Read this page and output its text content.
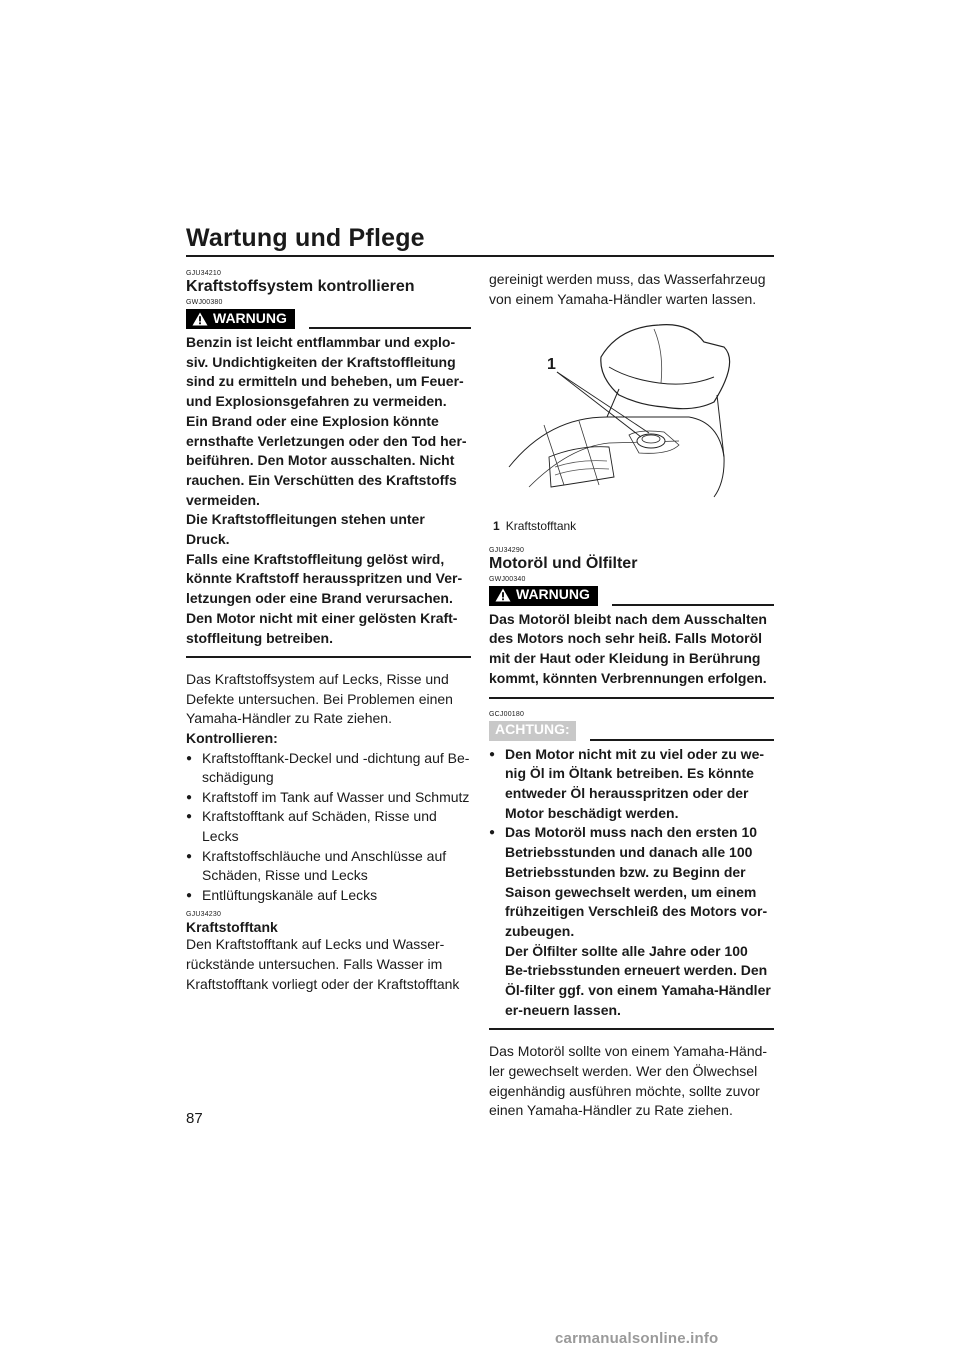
Wartung und Pflege
GJU34210
Kraftstoffsystem kontrollieren
GWJ00380
WARNUNG

Benzin ist leicht entflammbar und explo-siv. Undichtigkeiten der Kraftstoffleitung sind zu ermitteln und beheben, um Feuer- und Explosionsgefahren zu vermeiden. Ein Brand oder eine Explosion könnte ernsthafte Verletzungen oder den Tod her-beiführen. Den Motor ausschalten. Nicht rauchen. Ein Verschütten des Kraftstoffs vermeiden.

Die Kraftstoffleitungen stehen unter Druck.

Falls eine Kraftstoffleitung gelöst wird, könnte Kraftstoff herausspritzen und Ver-letzungen oder eine Brand verursachen. Den Motor nicht mit einer gelösten Kraft-stoffleitung betreiben.

Das Kraftstoffsystem auf Lecks, Risse und Defekte untersuchen. Bei Problemen einen Yamaha-Händler zu Rate ziehen.

Kontrollieren:

● Kraftstofftank-Deckel und -dichtung auf Be-schädigung
● Kraftstoff im Tank auf Wasser und Schmutz
● Kraftstofftank auf Schäden, Risse und Lecks
● Kraftstoffschläuche und Anschlüsse auf Schäden, Risse und Lecks
● Entlüftungskanäle auf Lecks
GJU34230
Kraftstofftank

Den Kraftstofftank auf Lecks und Wasser-rückstände untersuchen. Falls Wasser im Kraftstofftank vorliegt oder der Kraftstofftank

gereinigt werden muss, das Wasserfahrzeug von einem Yamaha-Händler warten lassen.

1

1 Kraftstofftank

GJU34290
Motoröl und Ölfilter
GWJ00340
WARNUNG

Das Motoröl bleibt nach dem Ausschalten des Motors noch sehr heiß. Falls Motoröl mit der Haut oder Kleidung in Berührung kommt, könnten Verbrennungen erfolgen.

GCJ00180
ACHTUNG:
● Den Motor nicht mit zu viel oder zu we-nig Öl im Öltank betreiben. Es könnte entweder Öl herausspritzen oder der Motor beschädigt werden.
● Das Motoröl muss nach den ersten 10 Betriebsstunden und danach alle 100 Betriebsstunden bzw. zu Beginn der Saison gewechselt werden, um einem frühzeitigen Verschleiß des Motors vor-zubeugen.

Der Ölfilter sollte alle Jahre oder 100 Be-triebsstunden erneuert werden. Den Öl-filter ggf. von einem Yamaha-Händler er-neuern lassen.

Das Motoröl sollte von einem Yamaha-Händ-ler gewechselt werden. Wer den Ölwechsel eigenhändig ausführen möchte, sollte zuvor einen Yamaha-Händler zu Rate ziehen.

87
carmanualsonline.info
